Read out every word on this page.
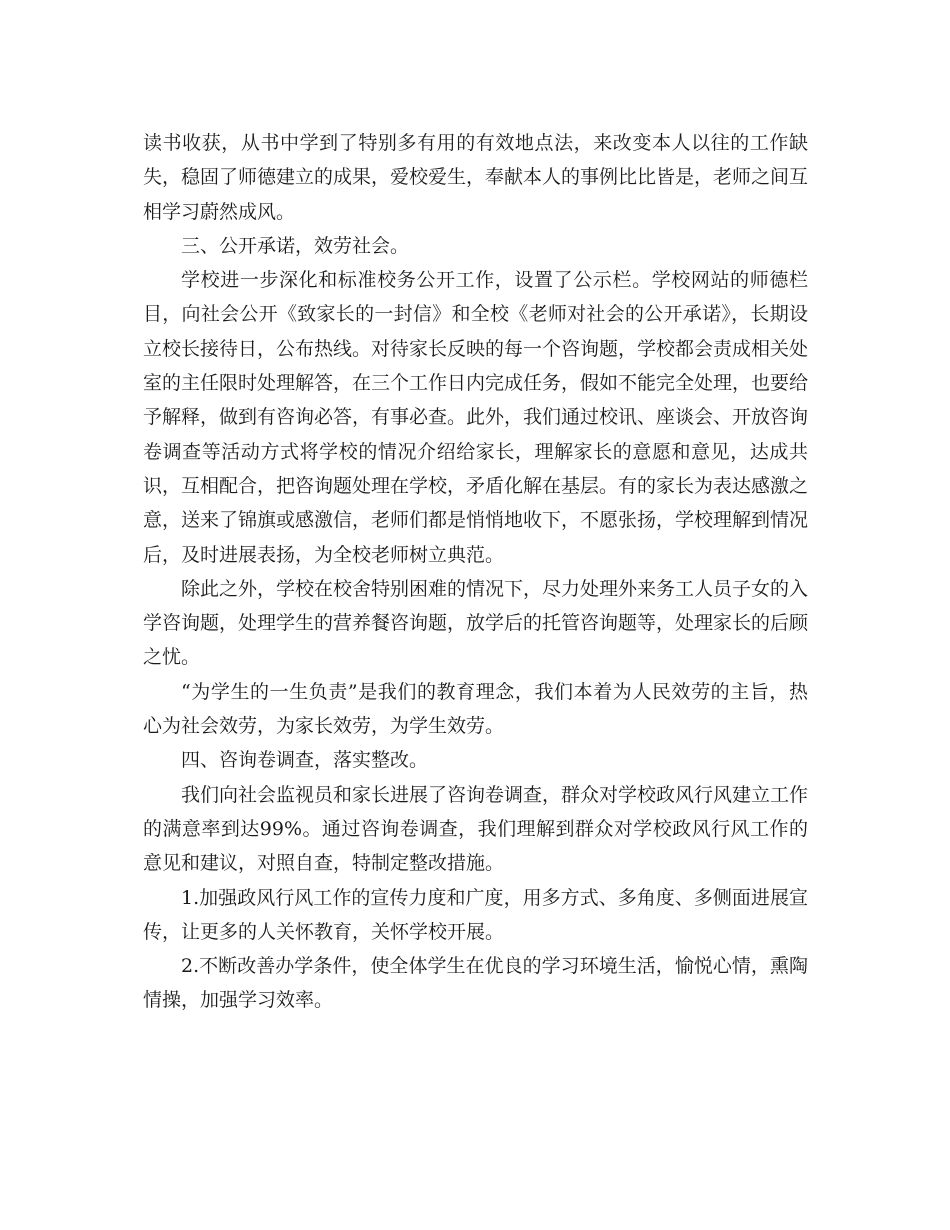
读书收获，从书中学到了特别多有用的有效地点法，来改变本人以往的工作缺失，稳固了师德建立的成果，爱校爱生，奉献本人的事例比比皆是，老师之间互相学习蔚然成风。

三、公开承诺，效劳社会。

学校进一步深化和标准校务公开工作，设置了公示栏。学校网站的师德栏目，向社会公开《致家长的一封信》和全校《老师对社会的公开承诺》，长期设立校长接待日，公布热线。对待家长反映的每一个咨询题，学校都会责成相关处室的主任限时处理解答，在三个工作日内完成任务，假如不能完全处理，也要给予解释，做到有咨询必答，有事必查。此外，我们通过校讯、座谈会、开放咨询卷调查等活动方式将学校的情况介绍给家长，理解家长的意愿和意见，达成共识，互相配合，把咨询题处理在学校，矛盾化解在基层。有的家长为表达感激之意，送来了锦旗或感激信，老师们都是悄悄地收下，不愿张扬，学校理解到情况后，及时进展表扬，为全校老师树立典范。

除此之外，学校在校舍特别困难的情况下，尽力处理外来务工人员子女的入学咨询题，处理学生的营养餐咨询题，放学后的托管咨询题等，处理家长的后顾之忧。

“为学生的一生负责”是我们的教育理念，我们本着为人民效劳的主旨，热心为社会效劳，为家长效劳，为学生效劳。

四、咨询卷调查，落实整改。

我们向社会监视员和家长进展了咨询卷调查，群众对学校政风行风建立工作的满意率到达99%。通过咨询卷调查，我们理解到群众对学校政风行风工作的意见和建议，对照自查，特制定整改措施。

1.加强政风行风工作的宣传力度和广度，用多方式、多角度、多侧面进展宣传，让更多的人关怀教育，关怀学校开展。

2.不断改善办学条件，使全体学生在优良的学习环境生活，愉悦心情，熏陶情操，加强学习效率。
